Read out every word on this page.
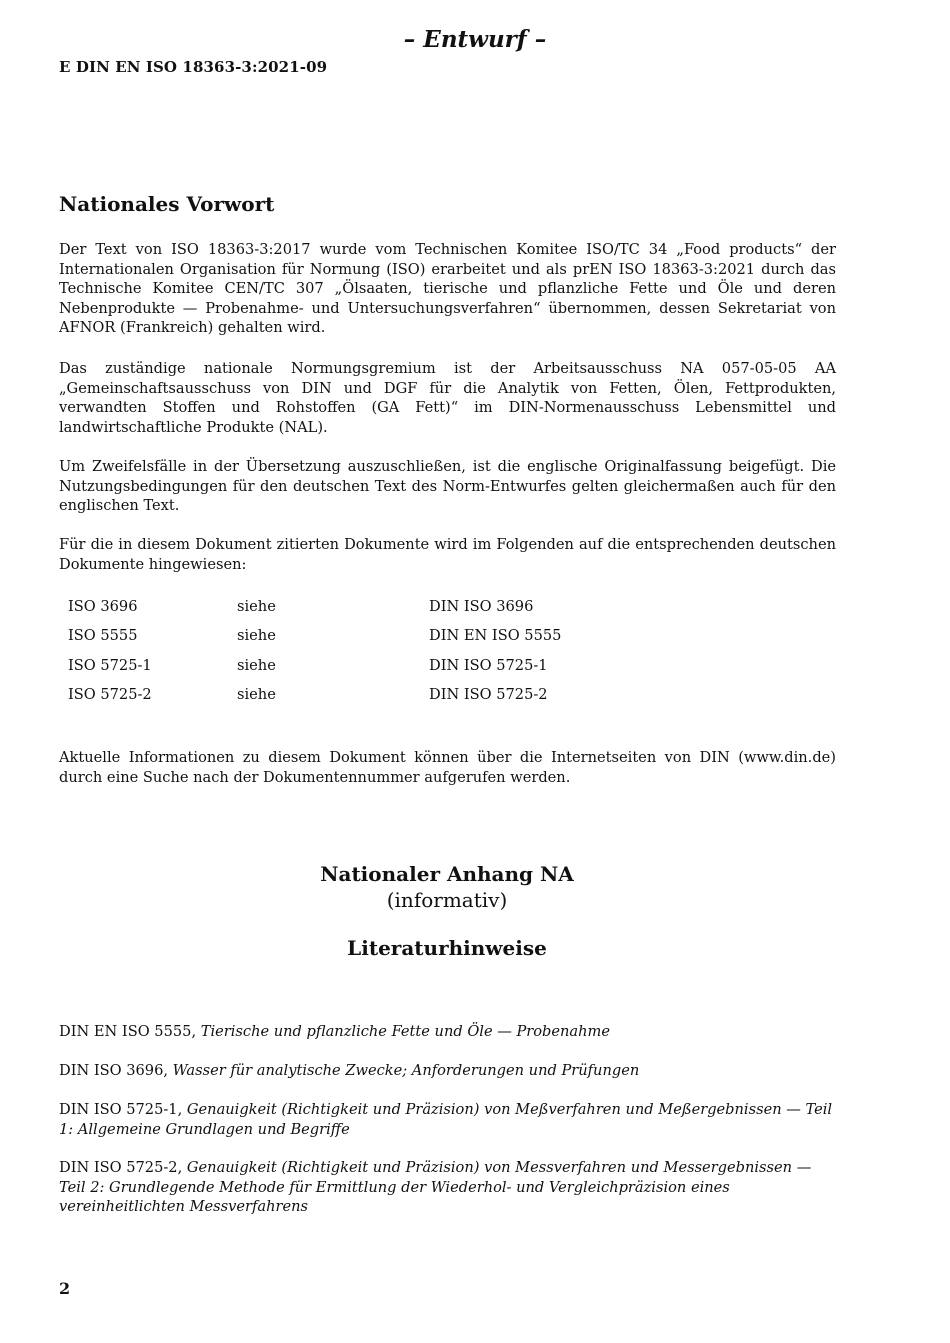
– Entwurf –
E DIN EN ISO 18363-3:2021-09
Nationales Vorwort

Der Text von ISO 18363-3:2017 wurde vom Technischen Komitee ISO/TC 34 „Food products“ der Internationalen Organisation für Normung (ISO) erarbeitet und als prEN ISO 18363-3:2021 durch das Technische Komitee CEN/TC 307 „Ölsaaten, tierische und pflanzliche Fette und Öle und deren Nebenprodukte — Probenahme- und Untersuchungsverfahren“ übernommen, dessen Sekretariat von AFNOR (Frankreich) gehalten wird.

Das zuständige nationale Normungsgremium ist der Arbeitsausschuss NA 057-05-05 AA „Gemeinschaftsausschuss von DIN und DGF für die Analytik von Fetten, Ölen, Fettprodukten, verwandten Stoffen und Rohstoffen (GA Fett)“ im DIN-Normenausschuss Lebensmittel und landwirtschaftliche Produkte (NAL).

Um Zweifelsfälle in der Übersetzung auszuschließen, ist die englische Originalfassung beigefügt. Die Nutzungsbedingungen für den deutschen Text des Norm-Entwurfes gelten gleichermaßen auch für den englischen Text.

Für die in diesem Dokument zitierten Dokumente wird im Folgenden auf die entsprechenden deutschen Dokumente hingewiesen:

ISO 3696	siehe	DIN ISO 3696
ISO 5555	siehe	DIN EN ISO 5555
ISO 5725-1	siehe	DIN ISO 5725-1
ISO 5725-2	siehe	DIN ISO 5725-2

Aktuelle Informationen zu diesem Dokument können über die Internetseiten von DIN (www.din.de) durch eine Suche nach der Dokumentennummer aufgerufen werden.

Nationaler Anhang NA
(informativ)
Literaturhinweise

DIN EN ISO 5555, Tierische und pflanzliche Fette und Öle — Probenahme

DIN ISO 3696, Wasser für analytische Zwecke; Anforderungen und Prüfungen

DIN ISO 5725-1, Genauigkeit (Richtigkeit und Präzision) von Meßverfahren und Meßergebnissen — Teil 1: Allgemeine Grundlagen und Begriffe

DIN ISO 5725-2, Genauigkeit (Richtigkeit und Präzision) von Messverfahren und Messergebnissen — Teil 2: Grundlegende Methode für Ermittlung der Wiederhol- und Vergleichpräzision eines vereinheitlichten Messverfahrens

2
